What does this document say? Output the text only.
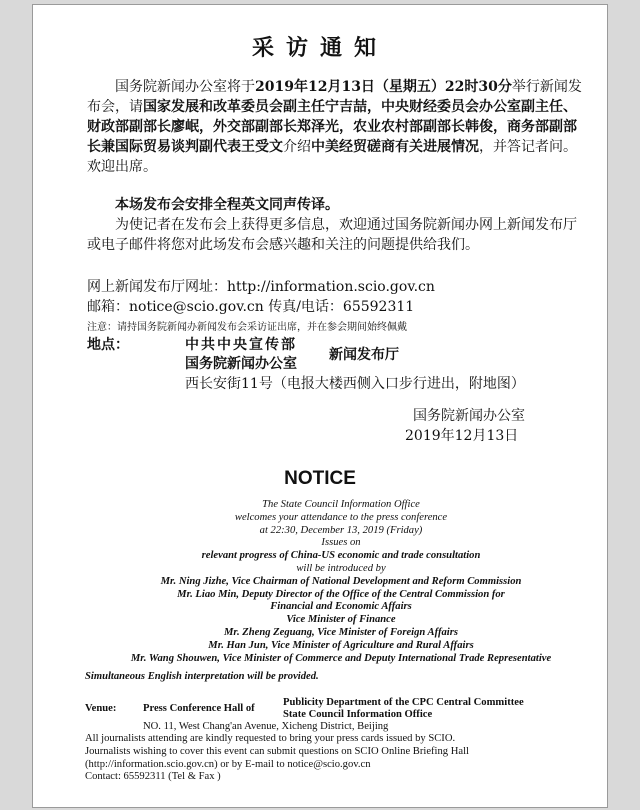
采访通知

国务院新闻办公室将于2019年12月13日（星期五）22时30分举行新闻发布会，请国家发展和改革委员会副主任宁吉喆，中央财经委员会办公室副主任、财政部副部长廖岷，外交部副部长郑泽光，农业农村部副部长韩俊，商务部副部长兼国际贸易谈判副代表王受文介绍中美经贸磋商有关进展情况，并答记者问。欢迎出席。

本场发布会安排全程英文同声传译。
为使记者在发布会上获得更多信息，欢迎通过国务院新闻办网上新闻发布厅或电子邮件将您对此场发布会感兴趣和关注的问题提供给我们。
网上新闻发布厅网址：http://information.scio.gov.cn
邮箱：notice@scio.gov.cn 传真/电话：65592311
注意：请持国务院新闻办新闻发布会采访证出席，并在参会期间始终佩戴
地点：	中共中央宣传部
国务院新闻办公室
新闻发布厅
西长安街11号（电报大楼西侧入口步行进出，附地图）
国务院新闻办公室
2019年12月13日
NOTICE
The State Council Information Office
welcomes your attendance to the press conference
at 22:30, December 13, 2019 (Friday)
Issues on
relevant progress of China-US economic and trade consultation
will be introduced by
Mr. Ning Jizhe, Vice Chairman of National Development and Reform Commission
Mr. Liao Min, Deputy Director of the Office of the Central Commission for
Financial and Economic Affairs
Vice Minister of Finance
Mr. Zheng Zeguang, Vice Minister of Foreign Affairs
Mr. Han Jun, Vice Minister of Agriculture and Rural Affairs
Mr. Wang Shouwen, Vice Minister of Commerce and Deputy International Trade Representative
Simultaneous English interpretation will be provided.
Venue:	Press Conference Hall of
Publicity Department of the CPC Central Committee
State Council Information Office
NO. 11, West Chang'an Avenue, Xicheng District, Beijing
All journalists attending are kindly requested to bring your press cards issued by SCIO.
Journalists wishing to cover this event can submit questions on SCIO Online Briefing Hall
(http://information.scio.gov.cn) or by E-mail to notice@scio.gov.cn
Contact: 65592311 (Tel & Fax )
